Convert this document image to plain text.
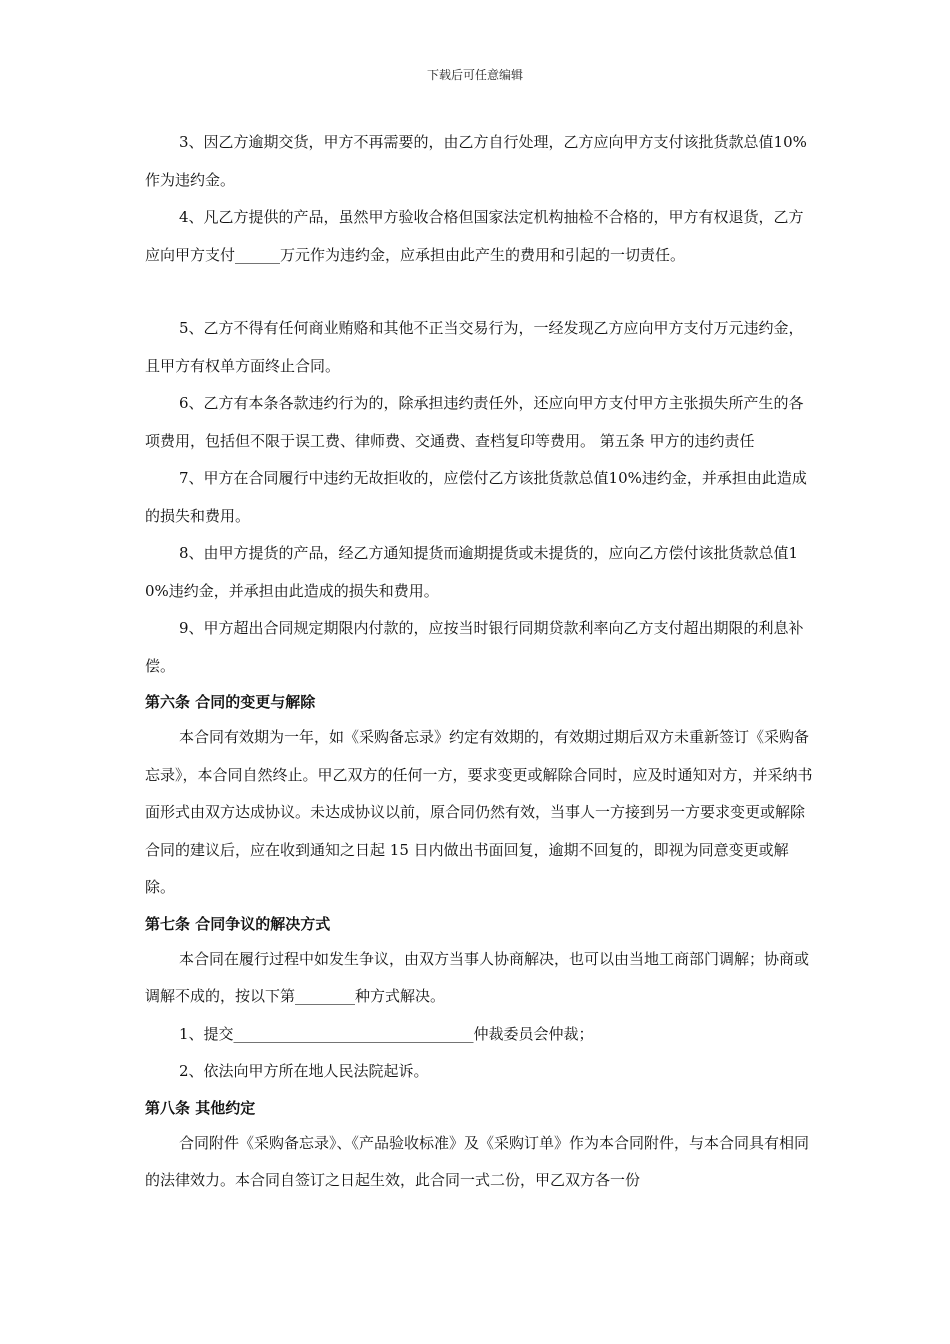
下载后可任意编辑

3、因乙方逾期交货，甲方不再需要的，由乙方自行处理，乙方应向甲方支付该批货款总值10%作为违约金。

4、凡乙方提供的产品，虽然甲方验收合格但国家法定机构抽检不合格的，甲方有权退货，乙方应向甲方支付______万元作为违约金，应承担由此产生的费用和引起的一切责任。

5、乙方不得有任何商业贿赂和其他不正当交易行为，一经发现乙方应向甲方支付万元违约金，且甲方有权单方面终止合同。

6、乙方有本条各款违约行为的，除承担违约责任外，还应向甲方支付甲方主张损失所产生的各项费用，包括但不限于误工费、律师费、交通费、查档复印等费用。 第五条 甲方的违约责任

7、甲方在合同履行中违约无故拒收的，应偿付乙方该批货款总值10%违约金，并承担由此造成的损失和费用。

8、由甲方提货的产品，经乙方通知提货而逾期提货或未提货的，应向乙方偿付该批货款总值10%违约金，并承担由此造成的损失和费用。

9、甲方超出合同规定期限内付款的，应按当时银行同期贷款利率向乙方支付超出期限的利息补偿。

第六条 合同的变更与解除

本合同有效期为一年，如《采购备忘录》约定有效期的，有效期过期后双方未重新签订《采购备忘录》，本合同自然终止。甲乙双方的任何一方，要求变更或解除合同时，应及时通知对方，并采纳书面形式由双方达成协议。未达成协议以前，原合同仍然有效，当事人一方接到另一方要求变更或解除合同的建议后，应在收到通知之日起 15 日内做出书面回复，逾期不回复的，即视为同意变更或解除。

第七条 合同争议的解决方式

本合同在履行过程中如发生争议，由双方当事人协商解决，也可以由当地工商部门调解；协商或调解不成的，按以下第________种方式解决。

1、提交________________________________仲裁委员会仲裁；

2、依法向甲方所在地人民法院起诉。

第八条 其他约定

合同附件《采购备忘录》、《产品验收标准》及《采购订单》作为本合同附件，与本合同具有相同的法律效力。本合同自签订之日起生效，此合同一式二份，甲乙双方各一份
